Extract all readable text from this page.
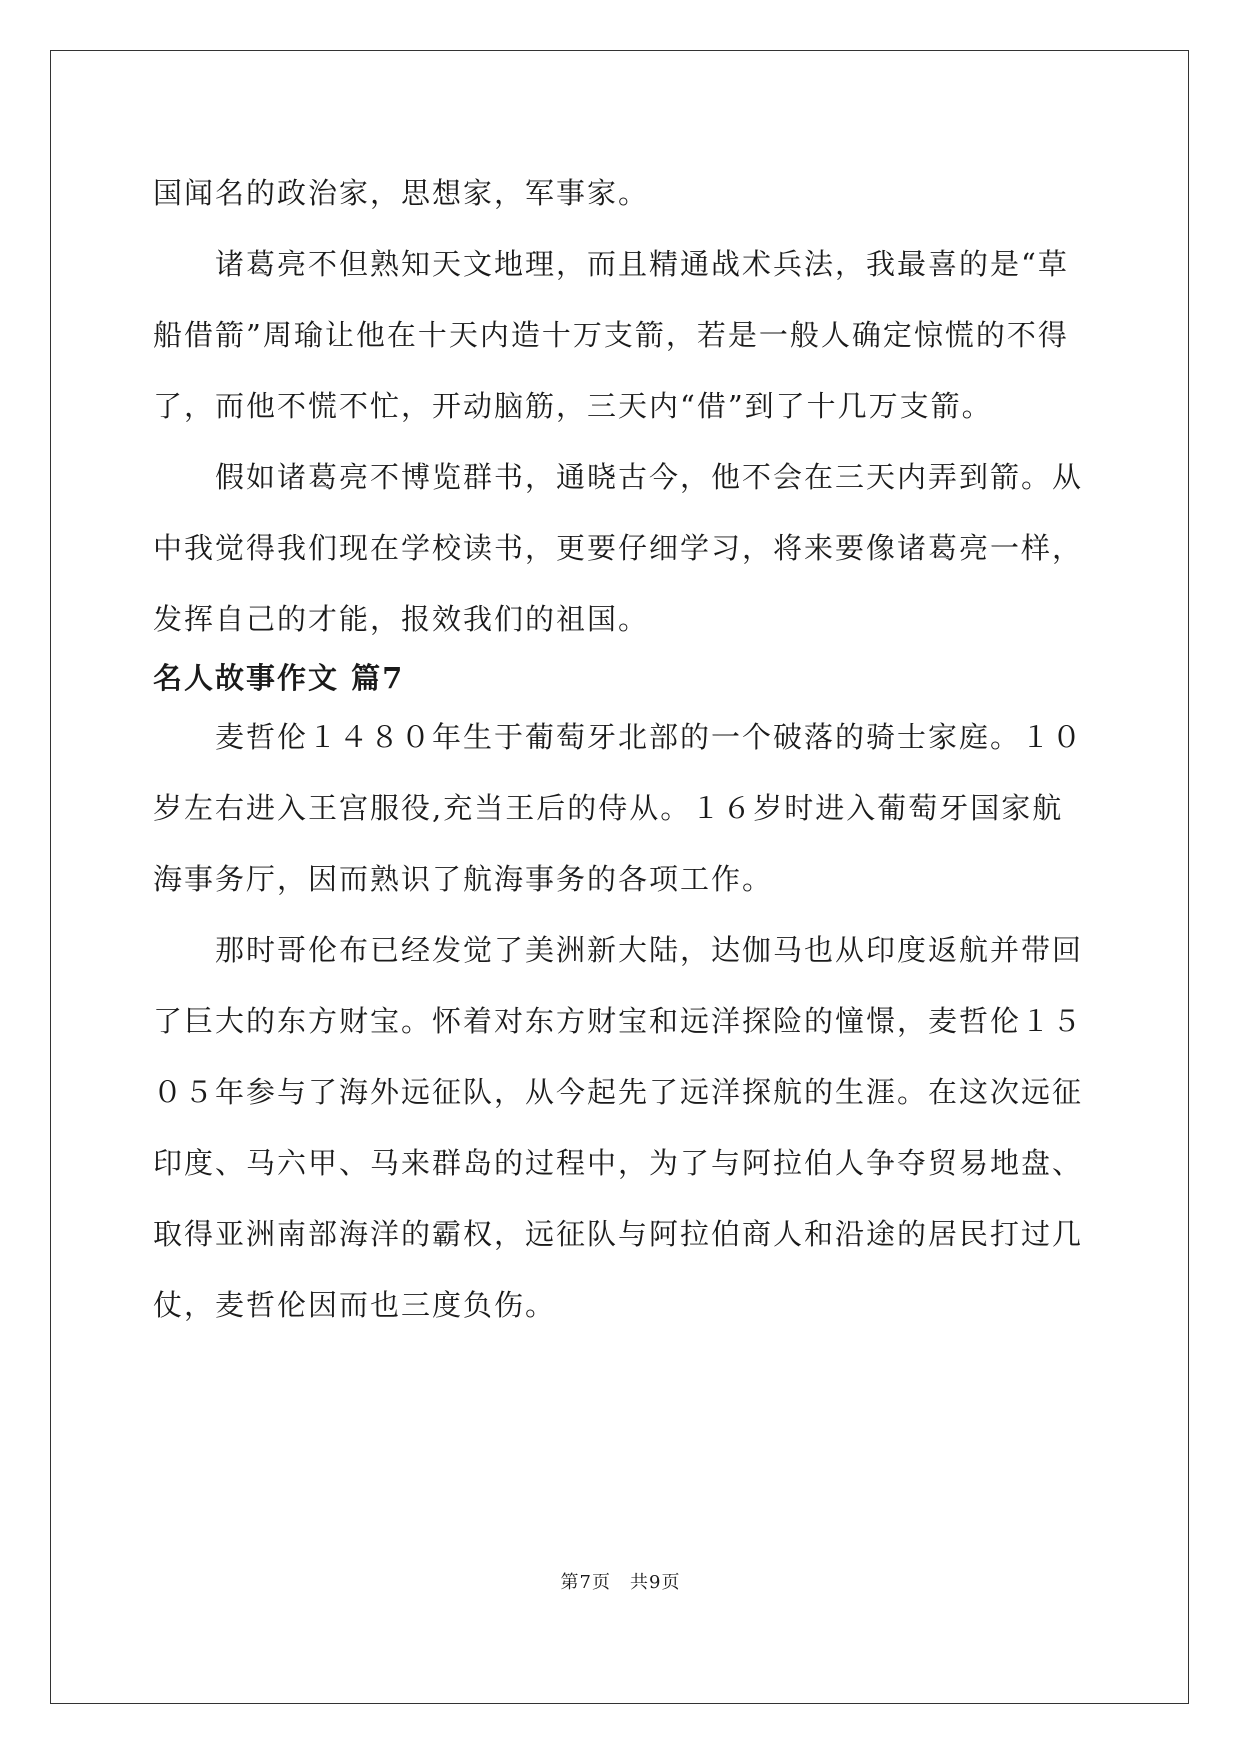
国闻名的政治家，思想家，军事家。

诸葛亮不但熟知天文地理，而且精通战术兵法，我最喜的是“草船借箭”周瑜让他在十天内造十万支箭，若是一般人确定惊慌的不得了，而他不慌不忙，开动脑筋，三天内“借”到了十几万支箭。

假如诸葛亮不博览群书，通晓古今，他不会在三天内弄到箭。从中我觉得我们现在学校读书，更要仔细学习，将来要像诸葛亮一样，发挥自己的才能，报效我们的祖国。

名人故事作文 篇7

麦哲伦１４８０年生于葡萄牙北部的一个破落的骑士家庭。１０岁左右进入王宫服役,充当王后的侍从。１６岁时进入葡萄牙国家航海事务厅，因而熟识了航海事务的各项工作。

那时哥伦布已经发觉了美洲新大陆，达伽马也从印度返航并带回了巨大的东方财宝。怀着对东方财宝和远洋探险的憧憬，麦哲伦１５０５年参与了海外远征队，从今起先了远洋探航的生涯。在这次远征印度、马六甲、马来群岛的过程中，为了与阿拉伯人争夺贸易地盘、取得亚洲南部海洋的霸权，远征队与阿拉伯商人和沿途的居民打过几仗，麦哲伦因而也三度负伤。

第7页　共9页
